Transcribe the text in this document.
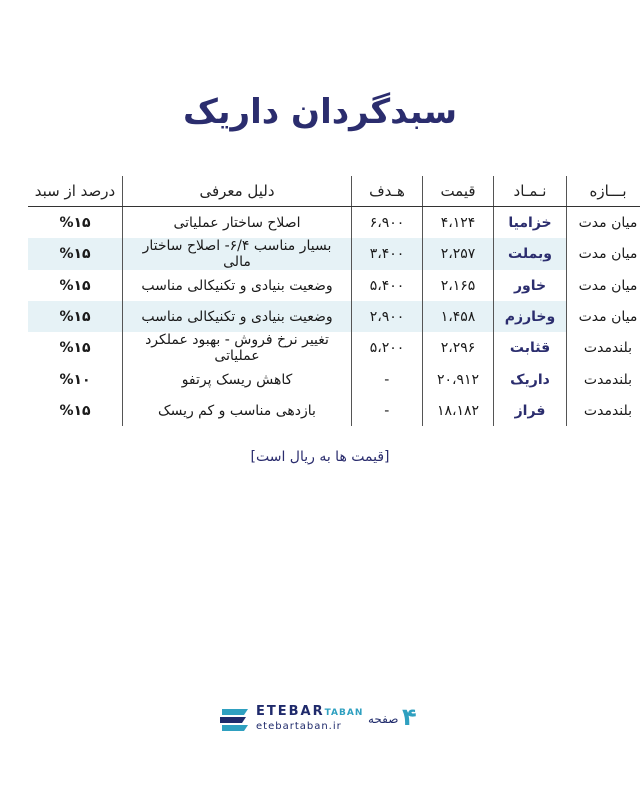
سبدگردان داریک
بـــازه	نـمـاد	قیمت	هـدف	دلیل معرفی	درصد از سبد
میان مدت	خزامیا	۴،۱۲۴	۶،۹۰۰	اصلاح ساختار عملیاتی	%۱۵
میان مدت	وبملت	۲،۲۵۷	۳،۴۰۰	بسیار مناسب ۶/۴- اصلاح ساختار مالی	%۱۵
میان مدت	خاور	۲،۱۶۵	۵،۴۰۰	وضعیت بنیادی و تکنیکالی مناسب	%۱۵
میان مدت	وخارزم	۱،۴۵۸	۲،۹۰۰	وضعیت بنیادی و تکنیکالی مناسب	%۱۵
بلندمدت	قثابت	۲،۲۹۶	۵،۲۰۰	تغییر نرخ فروش - بهبود عملکرد عملیاتی	%۱۵
بلندمدت	داریک	۲۰،۹۱۲	-	کاهش ریسک پرتفو	%۱۰
بلندمدت	فراز	۱۸،۱۸۲	-	بازدهی مناسب و کم ریسک	%۱۵
[قیمت ها به ریال است]
ETEBARTABAN
etebartaban.ir
صفحه ۴
